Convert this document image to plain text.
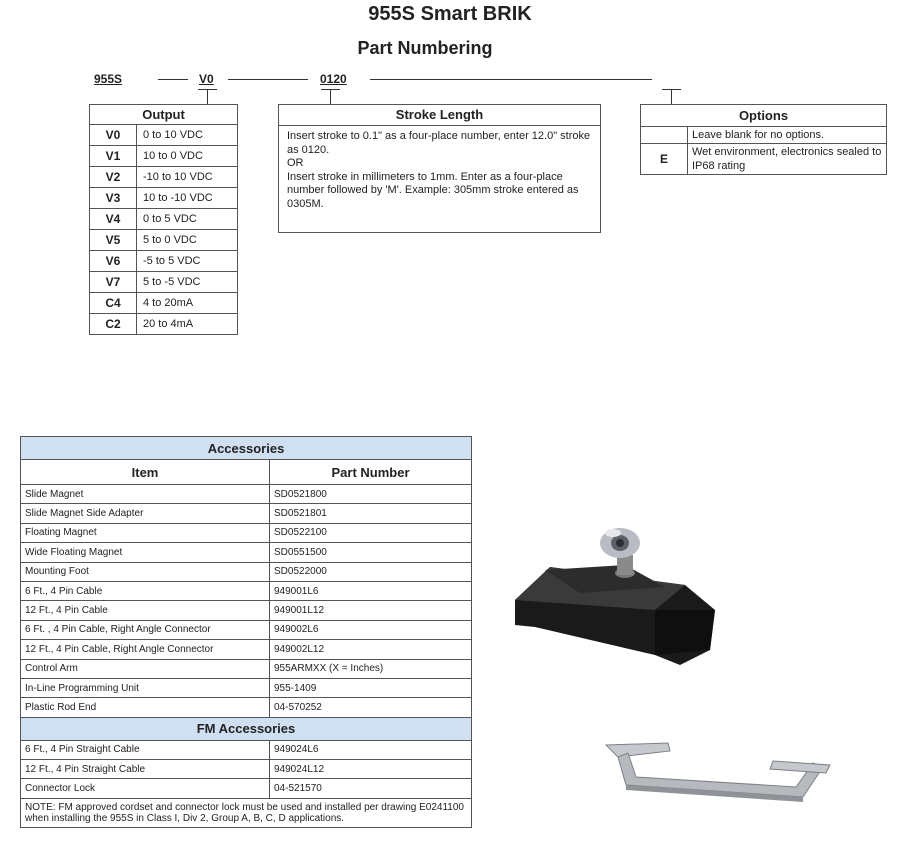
955S Smart BRIK
Part Numbering
955S	V0	0120
Output	
V0	0 to 10 VDC
V1	10 to 0 VDC
V2	-10 to 10 VDC
V3	10 to -10 VDC
V4	0 to 5 VDC
V5	5 to 0 VDC
V6	-5 to 5 VDC
V7	5 to -5 VDC
C4	4 to 20mA
C2	20 to 4mA
Stroke Length
Insert stroke to 0.1" as a four-place number, enter 12.0" stroke as 0120.
OR
Insert stroke in millimeters to 1mm. Enter as a four-place number followed by 'M'. Example: 305mm stroke entered as 0305M.
Options	
	Leave blank for no options.
E	Wet environment, electronics sealed to IP68 rating
Accessories	
Item	Part Number
Slide Magnet	SD0521800
Slide Magnet Side Adapter	SD0521801
Floating Magnet	SD0522100
Wide Floating Magnet	SD0551500
Mounting Foot	SD0522000
6 Ft., 4 Pin Cable	949001L6
12 Ft., 4 Pin Cable	949001L12
6 Ft. , 4 Pin Cable, Right Angle Connector	949002L6
12 Ft., 4 Pin Cable, Right Angle Connector	949002L12
Control Arm	955ARMXX (X = Inches)
In-Line Programming Unit	955-1409
Plastic Rod End	04-570252
FM Accessories	
6 Ft., 4 Pin Straight Cable	949024L6
12 Ft., 4 Pin Straight Cable	949024L12
Connector Lock	04-521570
NOTE: FM approved cordset and connector lock must be used and installed per drawing E0241100 when installing the 955S in Class I, Div 2, Group A, B, C, D applications.	
